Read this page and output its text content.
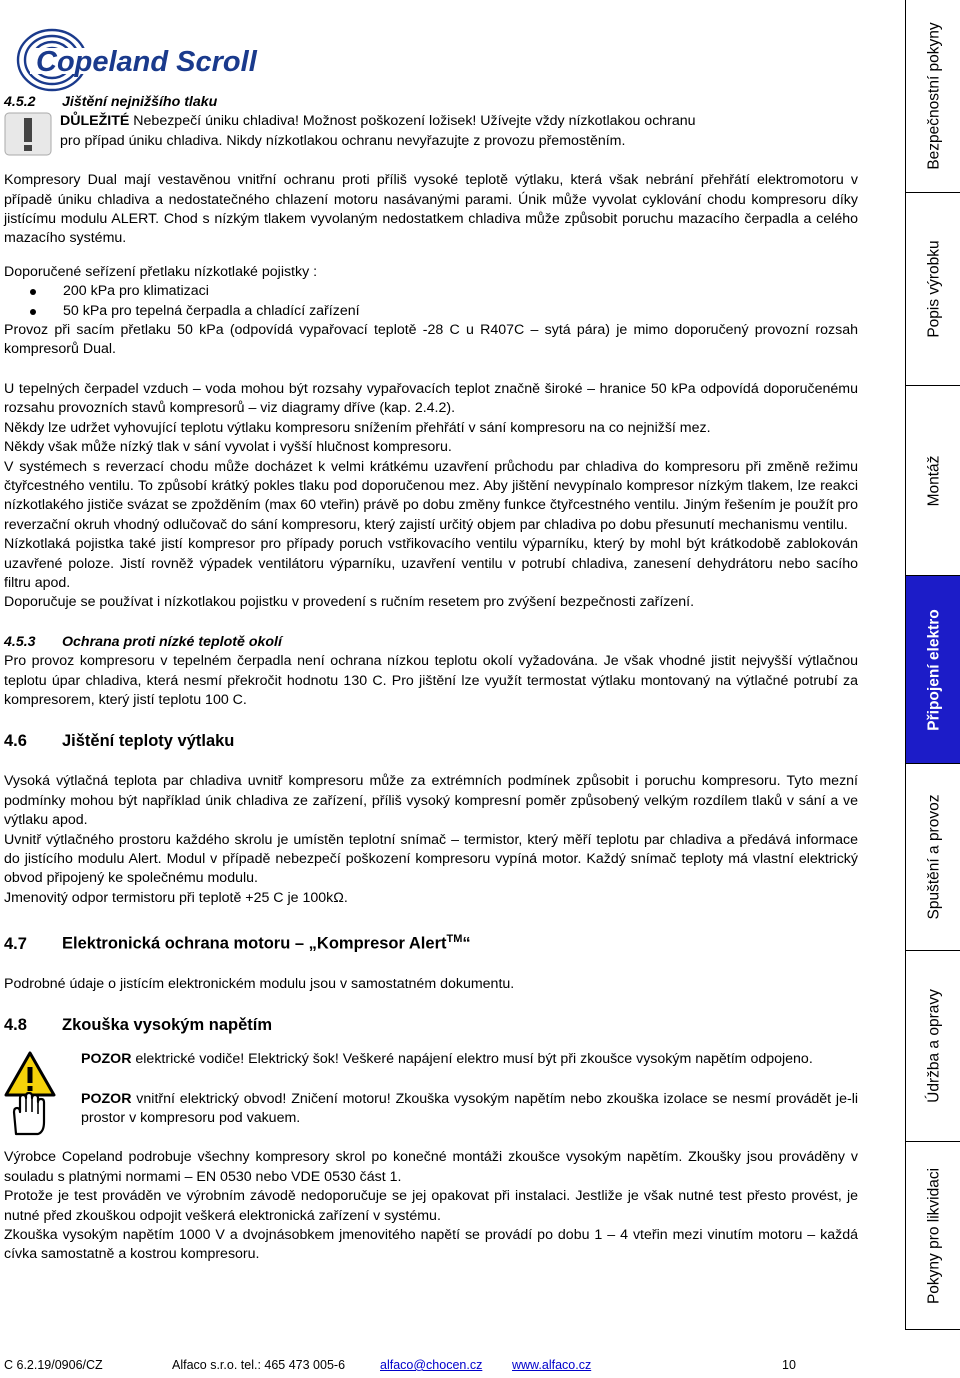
Copeland Scroll
4.5.2 Jištění nejnižšího tlaku
DŮLEŽITÉ Nebezpečí úniku chladiva! Možnost poškození ložisek! Užívejte vždy nízkotlakou ochranu
pro případ úniku chladiva. Nikdy nízkotlakou ochranu nevyřazujte z provozu přemostěním.
Kompresory Dual mají vestavěnou vnitřní ochranu proti příliš vysoké teplotě výtlaku, která však nebrání přehřátí elektromotoru v případě úniku chladiva a nedostatečného chlazení motoru nasávanými parami. Únik může vyvolat cyklování chodu kompresoru díky jistícímu modulu ALERT. Chod s nízkým tlakem vyvolaným nedostatkem chladiva může způsobit poruchu mazacího čerpadla a celého mazacího systému.
Doporučené seřízení přetlaku nízkotlaké pojistky :
200 kPa pro klimatizaci
50 kPa pro tepelná čerpadla a chladící zařízení
Provoz při sacím přetlaku 50 kPa (odpovídá vypařovací teplotě -28 C u R407C – sytá pára) je mimo doporučený provozní rozsah kompresorů Dual.
U tepelných čerpadel vzduch – voda mohou být rozsahy vypařovacích teplot značně široké – hranice 50 kPa odpovídá doporučenému rozsahu provozních stavů kompresorů – viz diagramy dříve (kap. 2.4.2).
Někdy lze udržet vyhovující teplotu výtlaku kompresoru snížením přehřátí v sání kompresoru na co nejnižší mez.
Někdy však může nízký tlak v sání vyvolat i vyšší hlučnost kompresoru.
V systémech s reverzací chodu může docházet k velmi krátkému uzavření průchodu par chladiva do kompresoru při změně režimu čtyřcestného ventilu. To způsobí krátký pokles tlaku pod doporučenou mez. Aby jištění nevypínalo kompresor nízkým tlakem, lze reakci nízkotlakého jističe svázat se zpožděním (max 60 vteřin) právě po dobu změny funkce čtyřcestného ventilu. Jiným řešením je použít pro reverzační okruh vhodný odlučovač do sání kompresoru, který zajistí určitý objem par chladiva po dobu přesunutí mechanismu ventilu.
Nízkotlaká pojistka také jistí kompresor pro případy poruch vstřikovacího ventilu výparníku, který by mohl být krátkodobě zablokován uzavřené poloze. Jistí rovněž výpadek ventilátoru výparníku, uzavření ventilu v potrubí chladiva, zanesení dehydrátoru nebo sacího filtru apod.
Doporučuje se používat i nízkotlakou pojistku v provedení s ručním resetem pro zvýšení bezpečnosti zařízení.
4.5.3 Ochrana proti nízké teplotě okolí
Pro provoz kompresoru v tepelném čerpadla není ochrana nízkou teplotu okolí vyžadována. Je však vhodné jistit nejvyšší výtlačnou teplotu úpar chladiva, která nesmí překročit hodnotu 130 C. Pro jištění lze využít termostat výtlaku montovaný na výtlačné potrubí za kompresorem, který jistí teplotu 100 C.
4.6 Jištění teploty výtlaku
Vysoká výtlačná teplota par chladiva uvnitř kompresoru může za extrémních podmínek způsobit i poruchu kompresoru. Tyto mezní podmínky mohou být například únik chladiva ze zařízení, příliš vysoký kompresní poměr způsobený velkým rozdílem tlaků v sání a ve výtlaku apod.
Uvnitř výtlačného prostoru každého skrolu je umístěn teplotní snímač – termistor, který měří teplotu par chladiva a předává informace do jistícího modulu Alert. Modul v případě nebezpečí poškození kompresoru vypíná motor. Každý snímač teploty má vlastní elektrický obvod připojený ke společnému modulu.
Jmenovitý odpor termistoru při teplotě +25 C je 100kΩ.
4.7 Elektronická ochrana motoru – „Kompresor Alert™“
Podrobné údaje o jistícím elektronickém modulu jsou v samostatném dokumentu.
4.8 Zkouška vysokým napětím
POZOR elektrické vodiče! Elektrický šok! Veškeré napájení elektro musí být při zkoušce vysokým napětím odpojeno.
POZOR vnitřní elektrický obvod! Zničení motoru! Zkouška vysokým napětím nebo zkouška izolace se nesmí provádět je-li prostor v kompresoru pod vakuem.
Výrobce Copeland podrobuje všechny kompresory skrol po konečné montáži zkoušce vysokým napětím. Zkoušky jsou prováděny v souladu s platnými normami – EN 0530 nebo VDE 0530 část 1.
Protože je test prováděn ve výrobním závodě nedoporučuje se jej opakovat při instalaci. Jestliže je však nutné test přesto provést, je nutné před zkouškou odpojit veškerá elektronická zařízení v systému.
Zkouška vysokým napětím 1000 V a dvojnásobkem jmenovitého napětí se provádí po dobu 1 – 4 vteřin mezi vinutím motoru – každá cívka samostatně a kostrou kompresoru.
C 6.2.19/0906/CZ	Alfaco s.r.o. tel.: 465 473 005-6	alfaco@chocen.cz www.alfaco.cz	10
Bezpečnostní pokyny
Popis výrobku
Montáž
Připojení elektro
Spuštění a provoz
Údržba a opravy
Pokyny pro likvidaci
